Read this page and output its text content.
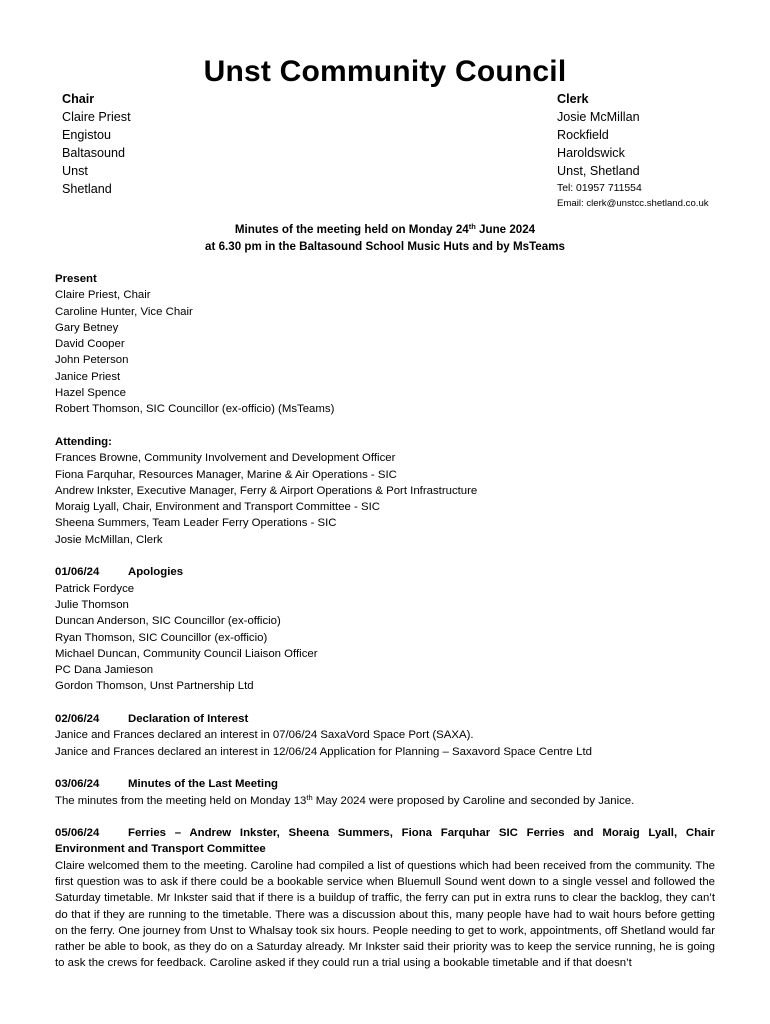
Unst Community Council
Chair
Claire Priest
Engistou
Baltasound
Unst
Shetland
Clerk
Josie McMillan
Rockfield
Haroldswick
Unst, Shetland
Tel: 01957 711554
Email: clerk@unstcc.shetland.co.uk
Minutes of the meeting held on Monday 24th June 2024
at 6.30 pm in the Baltasound School Music Huts and by MsTeams
Present
Claire Priest, Chair
Caroline Hunter, Vice Chair
Gary Betney
David Cooper
John Peterson
Janice Priest
Hazel Spence
Robert Thomson, SIC Councillor (ex-officio) (MsTeams)
Attending:
Frances Browne, Community Involvement and Development Officer
Fiona Farquhar, Resources Manager, Marine & Air Operations - SIC
Andrew Inkster, Executive Manager, Ferry & Airport Operations & Port Infrastructure
Moraig Lyall, Chair, Environment and Transport Committee - SIC
Sheena Summers, Team Leader Ferry Operations - SIC
Josie McMillan, Clerk
01/06/24	Apologies
Patrick Fordyce
Julie Thomson
Duncan Anderson, SIC Councillor (ex-officio)
Ryan Thomson, SIC Councillor (ex-officio)
Michael Duncan, Community Council Liaison Officer
PC Dana Jamieson
Gordon Thomson, Unst Partnership Ltd
02/06/24	Declaration of Interest
Janice and Frances declared an interest in 07/06/24 SaxaVord Space Port (SAXA).
Janice and Frances declared an interest in 12/06/24 Application for Planning – Saxavord Space Centre Ltd
03/06/24	Minutes of the Last Meeting
The minutes from the meeting held on Monday 13th May 2024 were proposed by Caroline and seconded by Janice.
05/06/24	Ferries – Andrew Inkster, Sheena Summers, Fiona Farquhar SIC Ferries and Moraig Lyall, Chair Environment and Transport Committee
Claire welcomed them to the meeting. Caroline had compiled a list of questions which had been received from the community. The first question was to ask if there could be a bookable service when Bluemull Sound went down to a single vessel and followed the Saturday timetable. Mr Inkster said that if there is a buildup of traffic, the ferry can put in extra runs to clear the backlog, they can’t do that if they are running to the timetable. There was a discussion about this, many people have had to wait hours before getting on the ferry. One journey from Unst to Whalsay took six hours. People needing to get to work, appointments, off Shetland would far rather be able to book, as they do on a Saturday already. Mr Inkster said their priority was to keep the service running, he is going to ask the crews for feedback. Caroline asked if they could run a trial using a bookable timetable and if that doesn’t
